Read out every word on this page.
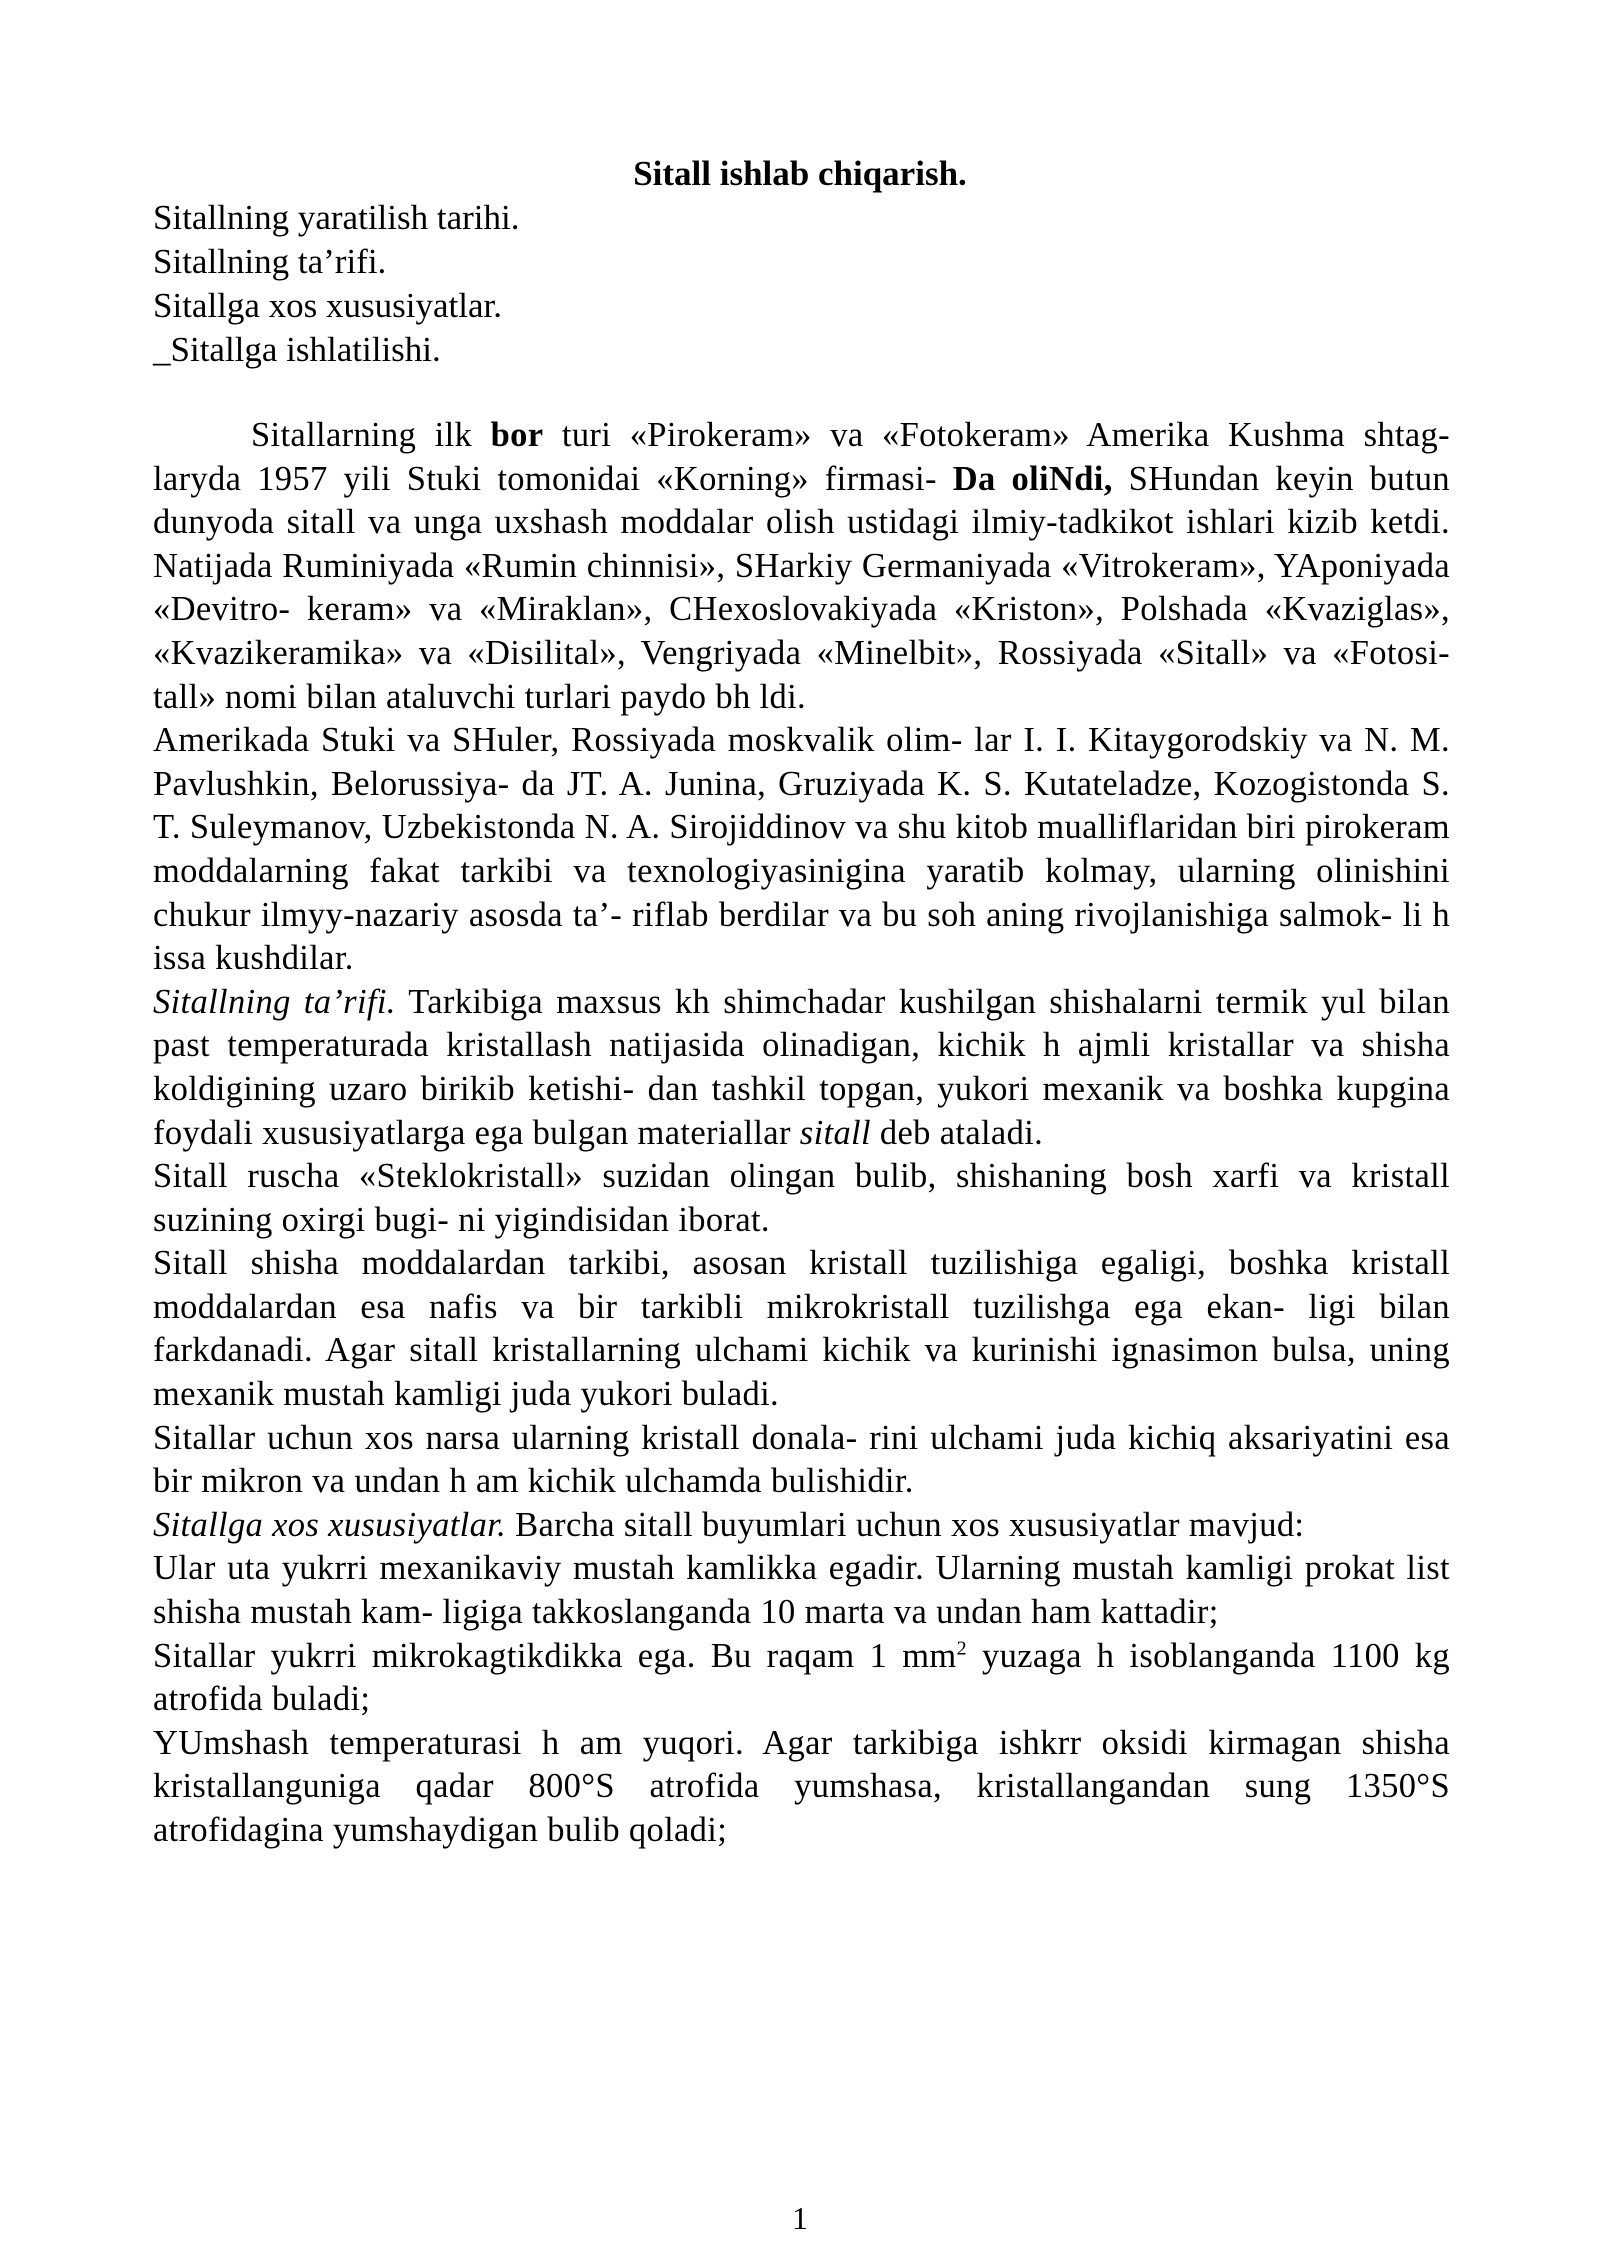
Sitall ishlab chiqarish.
Sitallning yaratilish tarihi.
Sitallning ta’rifi.
Sitallga xos xususiyatlar.
_Sitallga ishlatilishi.

Sitallarning ilk bor turi «Pirokeram» va «Fotokeram» Amerika Kushma shtag- laryda 1957 yili Stuki tomonidai «Korning» firmasi- Da oliNdi, SHundan keyin butun dunyoda sitall va unga uxshash moddalar olish ustidagi ilmiy-tadkikot ishlari kizib ketdi. Natijada Ruminiyada «Rumin chinnisi», SHarkiy Germaniyada «Vitrokeram», YAponiyada «Devitro- keram» va «Miraklan», CHexoslovakiyada «Kriston», Polshada «Kvaziglas», «Kvazikeramika» va «Disilital», Vengriyada «Minelbit», Rossiyada «Sitall» va «Fotosi- tall» nomi bilan ataluvchi turlari paydo bh ldi.

Amerikada Stuki va SHuler, Rossiyada moskvalik olim- lar I. I. Kitaygorodskiy va N. M. Pavlushkin, Belorussiya- da JT. A. Junina, Gruziyada K. S. Kutateladze, Kozogistonda S. T. Suleymanov, Uzbekistonda N. A. Sirojiddinov va shu kitob mualliflaridan biri pirokeram moddalarning fakat tarkibi va texnologiyasinigina yaratib kolmay, ularning olinishini chukur ilmyy-nazariy asosda ta’- riflab berdilar va bu soh aning rivojlanishiga salmok- li h issa kushdilar.

Sitallning ta’rifi. Tarkibiga maxsus kh shimchadar kushilgan shishalarni termik yul bilan past temperaturada kristallash natijasida olinadigan, kichik h ajmli kristallar va shisha koldigining uzaro birikib ketishi- dan tashkil topgan, yukori mexanik va boshka kupgina foydali xususiyatlarga ega bulgan materiallar sitall deb ataladi.

Sitall ruscha «Steklokristall» suzidan olingan bulib, shishaning bosh xarfi va kristall suzining oxirgi bugi- ni yigindisidan iborat.

Sitall shisha moddalardan tarkibi, asosan kristall tuzilishiga egaligi, boshka kristall moddalardan esa nafis va bir tarkibli mikrokristall tuzilishga ega ekan- ligi bilan farkdanadi. Agar sitall kristallarning ulchami kichik va kurinishi ignasimon bulsa, uning mexanik mustah kamligi juda yukori buladi.

Sitallar uchun xos narsa ularning kristall donala- rini ulchami juda kichiq aksariyatini esa bir mikron va undan h am kichik ulchamda bulishidir.

Sitallga xos xususiyatlar. Barcha sitall buyumlari uchun xos xususiyatlar mavjud:

Ular uta yukrri mexanikaviy mustah kamlikka egadir. Ularning mustah kamligi prokat list shisha mustah kam- ligiga takkoslanganda 10 marta va undan ham kattadir;

Sitallar yukrri mikrokagtikdikka ega. Bu raqam 1 $mm^2$ yuzaga h isoblanganda 1100 kg atrofida buladi;

YUmshash temperaturasi h am yuqori. Agar tarkibiga ishkrr oksidi kirmagan shisha kristallanguniga qadar 800°S atrofida yumshasa, kristallangandan sung 1350°S atrofidagina yumshaydigan bulib qoladi;

1
